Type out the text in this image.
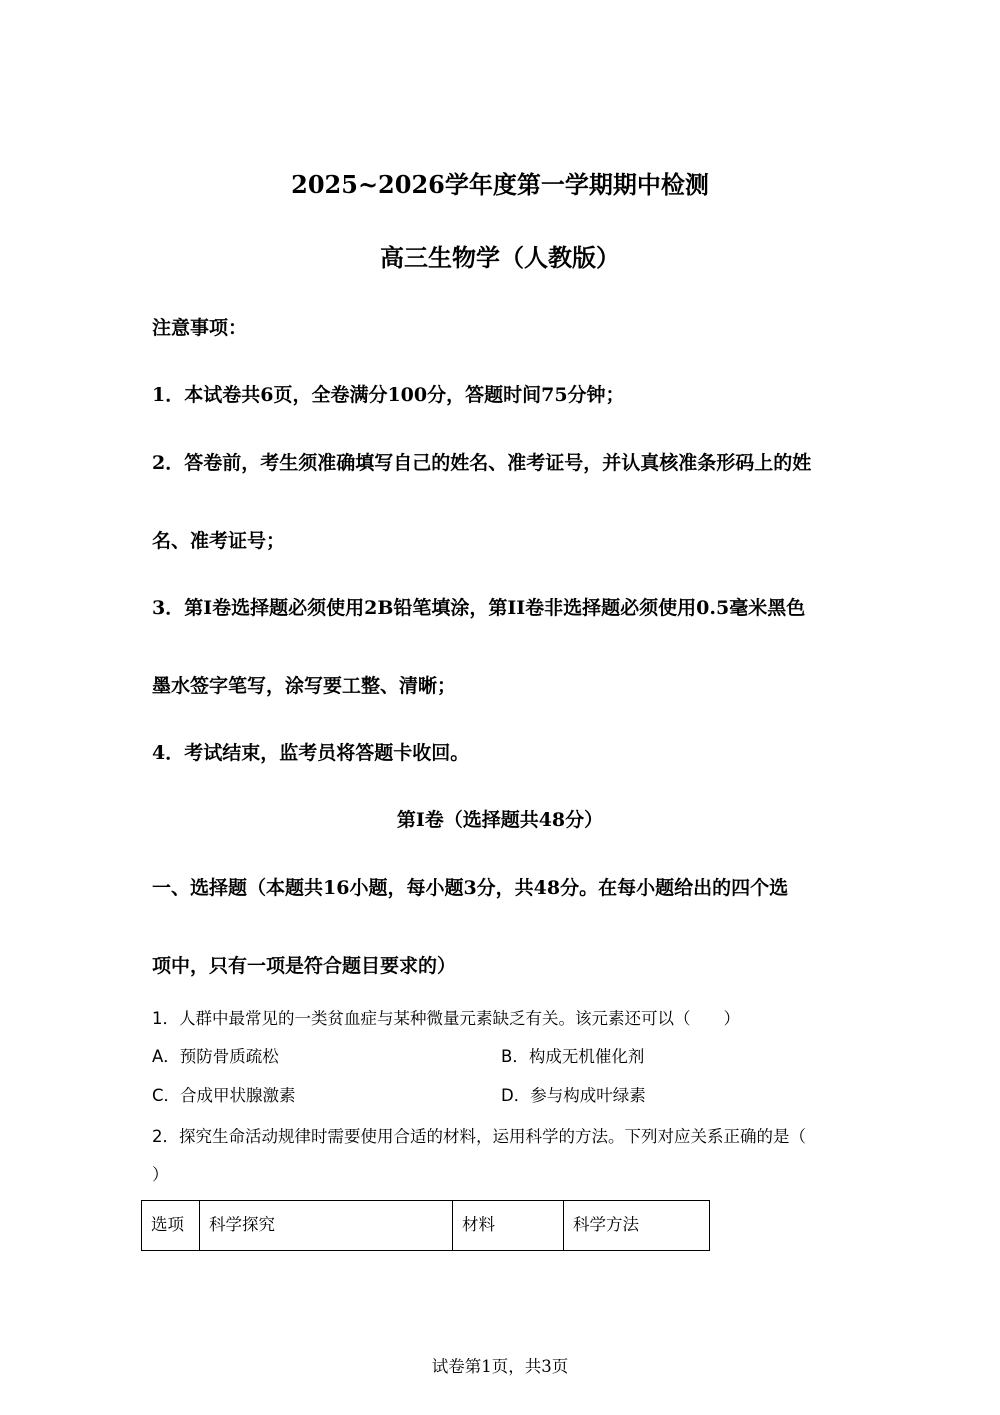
2025~2026学年度第一学期期中检测
高三生物学（人教版）
注意事项：
1．本试卷共6页，全卷满分100分，答题时间75分钟；
2．答卷前，考生须准确填写自己的姓名、准考证号，并认真核准条形码上的姓
名、准考证号；
3．第I卷选择题必须使用2B铅笔填涂，第II卷非选择题必须使用0.5毫米黑色
墨水签字笔写，涂写要工整、清晰；
4．考试结束，监考员将答题卡收回。
第I卷（选择题共48分）
一、选择题（本题共16小题，每小题3分，共48分。在每小题给出的四个选
项中，只有一项是符合题目要求的）
1．人群中最常见的一类贫血症与某种微量元素缺乏有关。该元素还可以（　　）
A．预防骨质疏松	B．构成无机催化剂
C．合成甲状腺激素	D．参与构成叶绿素
2．探究生命活动规律时需要使用合适的材料，运用科学的方法。下列对应关系正确的是（
）
选项	科学探究	材料	科学方法
试卷第1页，共3页
